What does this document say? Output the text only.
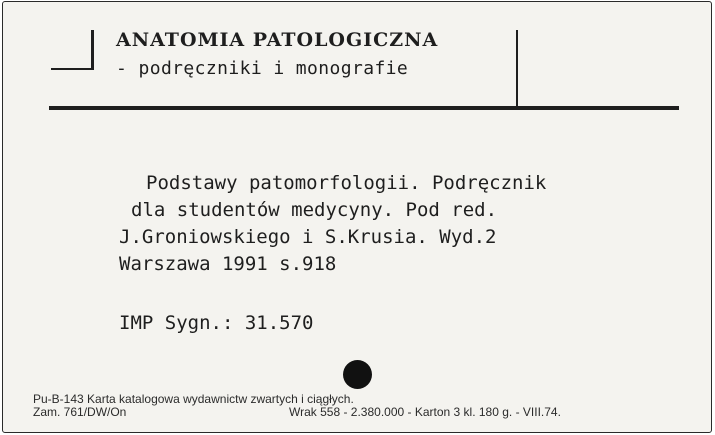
ANATOMIA PATOLOGICZNA
- podręczniki i monografie
Podstawy patomorfologii. Podręcznik
dla studentów medycyny. Pod red.
J.Groniowskiego i S.Krusia. Wyd.2
Warszawa 1991 s.918
IMP Sygn.: 31.570
Pu-B-143 Karta katalogowa wydawnictw zwartych i ciągłych.
Zam. 761/DW/On	Wrak 558 - 2.380.000 - Karton 3 kl. 180 g. - VIII.74.
